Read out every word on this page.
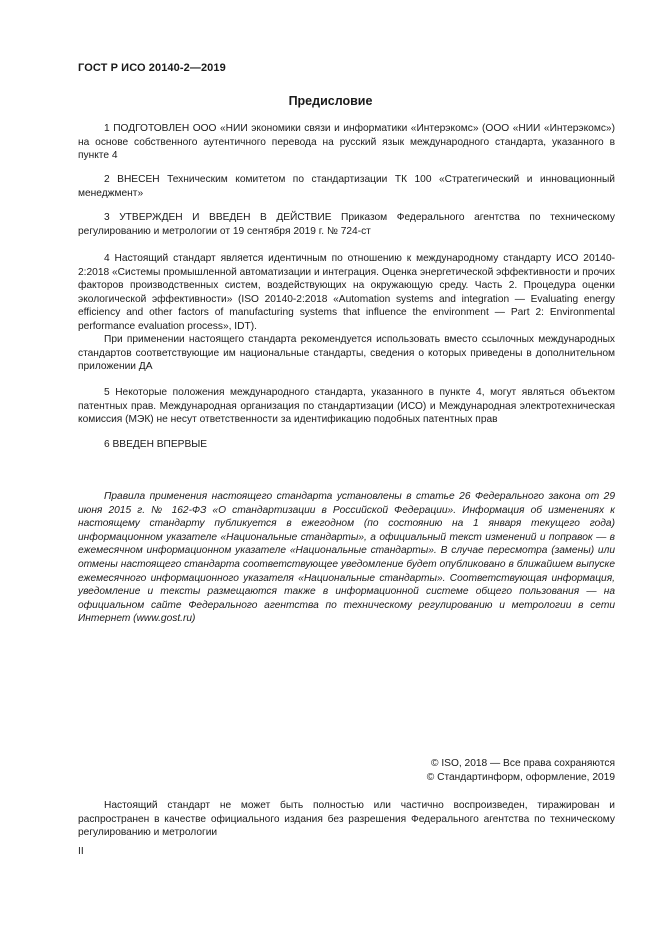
ГОСТ Р ИСО 20140-2—2019
Предисловие

1 ПОДГОТОВЛЕН ООО «НИИ экономики связи и информатики «Интерэкомс» (ООО «НИИ «Интерэкомс») на основе собственного аутентичного перевода на русский язык международного стандарта, указанного в пункте 4

2 ВНЕСЕН Техническим комитетом по стандартизации ТК 100 «Стратегический и инновационный менеджмент»

3 УТВЕРЖДЕН И ВВЕДЕН В ДЕЙСТВИЕ Приказом Федерального агентства по техническому регулированию и метрологии от 19 сентября 2019 г. № 724-ст

4 Настоящий стандарт является идентичным по отношению к международному стандарту ИСО 20140-2:2018 «Системы промышленной автоматизации и интеграция. Оценка энергетической эффективности и прочих факторов производственных систем, воздействующих на окружающую среду. Часть 2. Процедура оценки экологической эффективности» (ISO 20140-2:2018 «Automation systems and integration — Evaluating energy efficiency and other factors of manufacturing systems that influence the environment — Part 2: Environmental performance evaluation process», IDT).

При применении настоящего стандарта рекомендуется использовать вместо ссылочных международных стандартов соответствующие им национальные стандарты, сведения о которых приведены в дополнительном приложении ДА

5 Некоторые положения международного стандарта, указанного в пункте 4, могут являться объектом патентных прав. Международная организация по стандартизации (ИСО) и Международная электротехническая комиссия (МЭК) не несут ответственности за идентификацию подобных патентных прав

6 ВВЕДЕН ВПЕРВЫЕ

Правила применения настоящего стандарта установлены в статье 26 Федерального закона от 29 июня 2015 г. № 162-ФЗ «О стандартизации в Российской Федерации». Информация об изменениях к настоящему стандарту публикуется в ежегодном (по состоянию на 1 января текущего года) информационном указателе «Национальные стандарты», а официальный текст изменений и поправок — в ежемесячном информационном указателе «Национальные стандарты». В случае пересмотра (замены) или отмены настоящего стандарта соответствующее уведомление будет опубликовано в ближайшем выпуске ежемесячного информационного указателя «Национальные стандарты». Соответствующая информация, уведомление и тексты размещаются также в информационной системе общего пользования — на официальном сайте Федерального агентства по техническому регулированию и метрологии в сети Интернет (www.gost.ru)

© ISO, 2018 — Все права сохраняются
© Стандартинформ, оформление, 2019

Настоящий стандарт не может быть полностью или частично воспроизведен, тиражирован и распространен в качестве официального издания без разрешения Федерального агентства по техническому регулированию и метрологии

II
